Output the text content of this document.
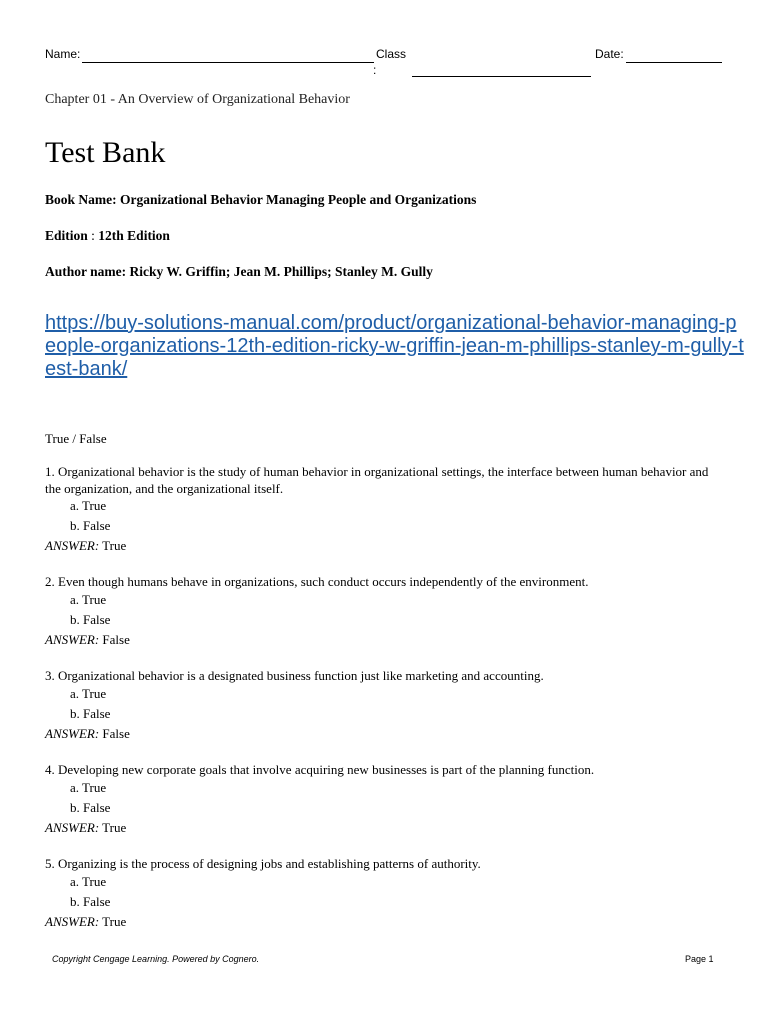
Name:	Class
:
Date:
Chapter 01 - An Overview of Organizational Behavior
Test Bank
Book Name: Organizational Behavior Managing People and Organizations
Edition : 12th Edition
Author name: Ricky W. Griffin; Jean M. Phillips; Stanley M. Gully
https://buy-solutions-manual.com/product/organizational-behavior-managing-people-organizations-12th-edition-ricky-w-griffin-jean-m-phillips-stanley-m-gully-test-bank/
True / False
1. Organizational behavior is the study of human behavior in organizational settings, the interface between human behavior and the organization, and the organizational itself.
a. True
b. False
ANSWER: True
2. Even though humans behave in organizations, such conduct occurs independently of the environment.
a. True
b. False
ANSWER: False
3. Organizational behavior is a designated business function just like marketing and accounting.
a. True
b. False
ANSWER: False
4. Developing new corporate goals that involve acquiring new businesses is part of the planning function.
a. True
b. False
ANSWER: True
5. Organizing is the process of designing jobs and establishing patterns of authority.
a. True
b. False
ANSWER: True
Copyright Cengage Learning. Powered by Cognero.	Page 1
